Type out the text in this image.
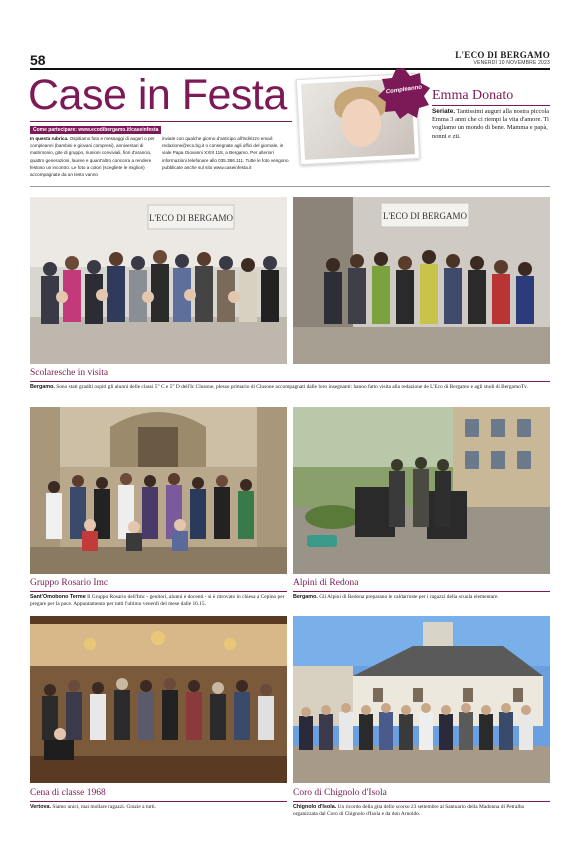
58	L'ECO DI BERGAMO
VENERDÌ 10 NOVEMBRE 2023
Case in Festa
Come partecipare: www.ecodibergamo.it/caseinfesta
In questa rubrica. Ospitiamo foto e messaggi di auguri o per compleanni (bambini e giovani compresi), anniversari di matrimonio, gite di gruppo, riunioni conviviali, fiori d'arancio, quattro generazioni, lauree e quant'altro concorra a rendere festoso un incontro. Le foto a colori (scegliete le migliori) accompagnate da un testo vanno
inviate con qualche giorno d'anticipo all'indirizzo email: redazione@eco.bg.it o consegnate agli uffici del giornale, in viale Papa Giovanni XXIII 118, a Bergamo. Per ulteriori informazioni telefonare allo 035.386.111. Tutte le foto vengono pubblicate anche sul sito www.caseinfesta.it
Compleanno Emma Donato
Seriate. Tantissimi auguri alla nostra piccola Emma 3 anni che ci riempi la vita d'amore. Ti vogliamo un mondo di bene. Mamma e papà, nonni e zii.
L'ECO DI BERGAMO	L'ECO DI BERGAMO
Scolaresche in visita
Bergamo. Sono stati graditi ospiti gli alunni delle classi 5° C e 5° D dell'Ic Clusone, plesso primario di Clusone accompagnati dalle loro insegnanti: hanno fatto visita alla redazione de L'Eco di Bergamo e agli studi di BergamoTv.
Gruppo Rosario Imc
Sant'Omobono Terme Il Gruppo Rosario dell'Imc - genitori, alunni e docenti - si è ritrovato in chiesa a Cepino per pregare per la pace. Appuntamento per tutti l'ultimo venerdì del mese dalle 16.15.
Alpini di Redona
Bergamo. Gli Alpini di Redona preparano le caldarroste per i ragazzi della scuola elementare.
Cena di classe 1968
Vertova. Siamo unici, mai mollare ragazzi. Grazie a tutti.
Coro di Chignolo d'Isola
Chignolo d'Isola. Un ricordo della gita dello scorso 23 settembre al Santuario della Madonna di Petralba organizzata dal Coro di Chignolo d'Isola e da don Arnoldo.
